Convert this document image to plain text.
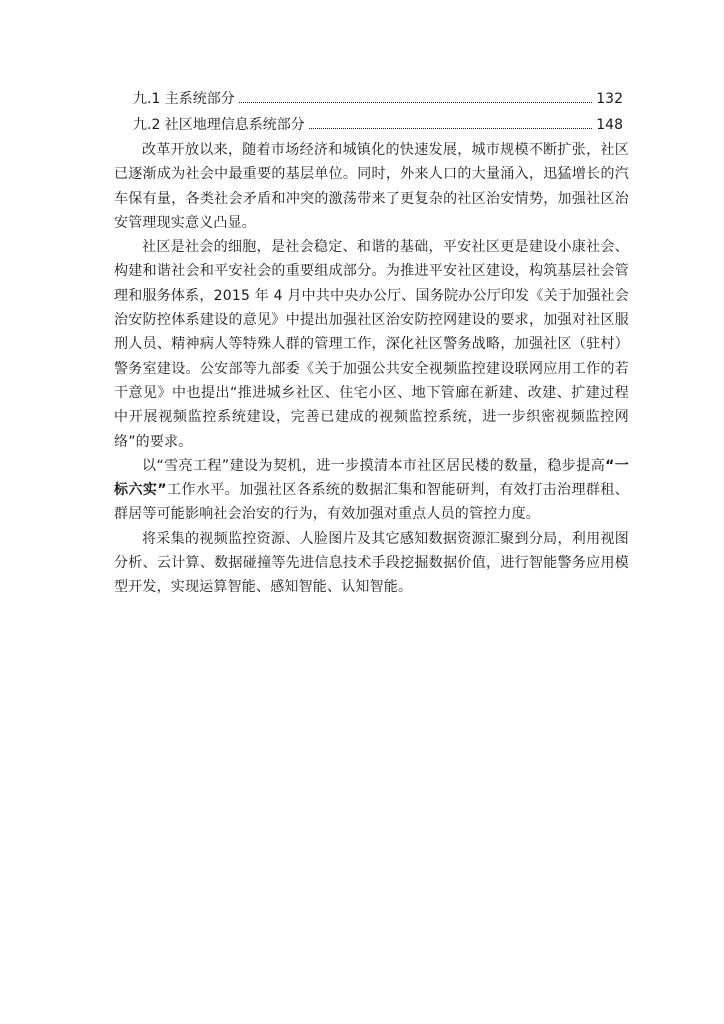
九.1 主系统部分	132
九.2 社区地理信息系统部分	148

改革开放以来，随着市场经济和城镇化的快速发展，城市规模不断扩张，社区已逐渐成为社会中最重要的基层单位。同时，外来人口的大量涌入，迅猛增长的汽车保有量，各类社会矛盾和冲突的激荡带来了更复杂的社区治安情势，加强社区治安管理现实意义凸显。

社区是社会的细胞，是社会稳定、和谐的基础，平安社区更是建设小康社会、构建和谐社会和平安社会的重要组成部分。为推进平安社区建设，构筑基层社会管理和服务体系，2015 年 4 月中共中央办公厅、国务院办公厅印发《关于加强社会治安防控体系建设的意见》中提出加强社区治安防控网建设的要求，加强对社区服刑人员、精神病人等特殊人群的管理工作，深化社区警务战略，加强社区（驻村）警务室建设。公安部等九部委《关于加强公共安全视频监控建设联网应用工作的若干意见》中也提出“推进城乡社区、住宅小区、地下管廊在新建、改建、扩建过程中开展视频监控系统建设，完善已建成的视频监控系统，进一步织密视频监控网络”的要求。

以“雪亮工程”建设为契机，进一步摸清本市社区居民楼的数量，稳步提高“一标六实”工作水平。加强社区各系统的数据汇集和智能研判，有效打击治理群租、群居等可能影响社会治安的行为，有效加强对重点人员的管控力度。

将采集的视频监控资源、人脸图片及其它感知数据资源汇聚到分局，利用视图分析、云计算、数据碰撞等先进信息技术手段挖掘数据价值，进行智能警务应用模型开发，实现运算智能、感知智能、认知智能。
